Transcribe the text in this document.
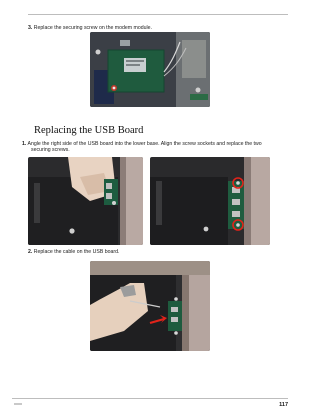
3. Replace the securing screw on the modem module.
Replacing the USB Board
1. Angle the right side of the USB board into the lower base. Align the screw sockets and replace the two
securing screws.
2. Replace the cable on the USB board.
117
